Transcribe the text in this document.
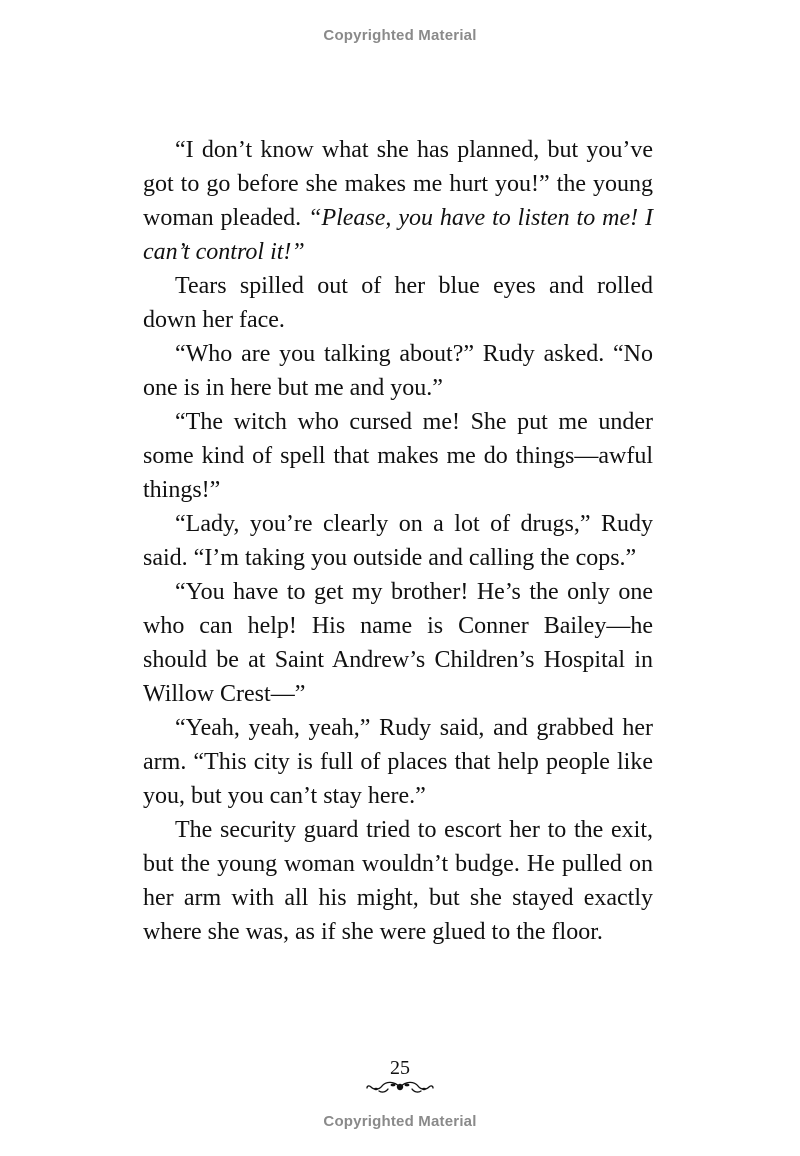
Copyrighted Material

“I don’t know what she has planned, but you’ve got to go before she makes me hurt you!” the young woman pleaded. “Please, you have to listen to me! I can’t control it!”

Tears spilled out of her blue eyes and rolled down her face.

“Who are you talking about?” Rudy asked. “No one is in here but me and you.”

“The witch who cursed me! She put me under some kind of spell that makes me do things—awful things!”

“Lady, you’re clearly on a lot of drugs,” Rudy said. “I’m taking you outside and calling the cops.”

“You have to get my brother! He’s the only one who can help! His name is Conner Bailey—he should be at Saint Andrew’s Children’s Hospital in Willow Crest—”

“Yeah, yeah, yeah,” Rudy said, and grabbed her arm. “This city is full of places that help people like you, but you can’t stay here.”

The security guard tried to escort her to the exit, but the young woman wouldn’t budge. He pulled on her arm with all his might, but she stayed exactly where she was, as if she were glued to the floor.

25
Copyrighted Material
